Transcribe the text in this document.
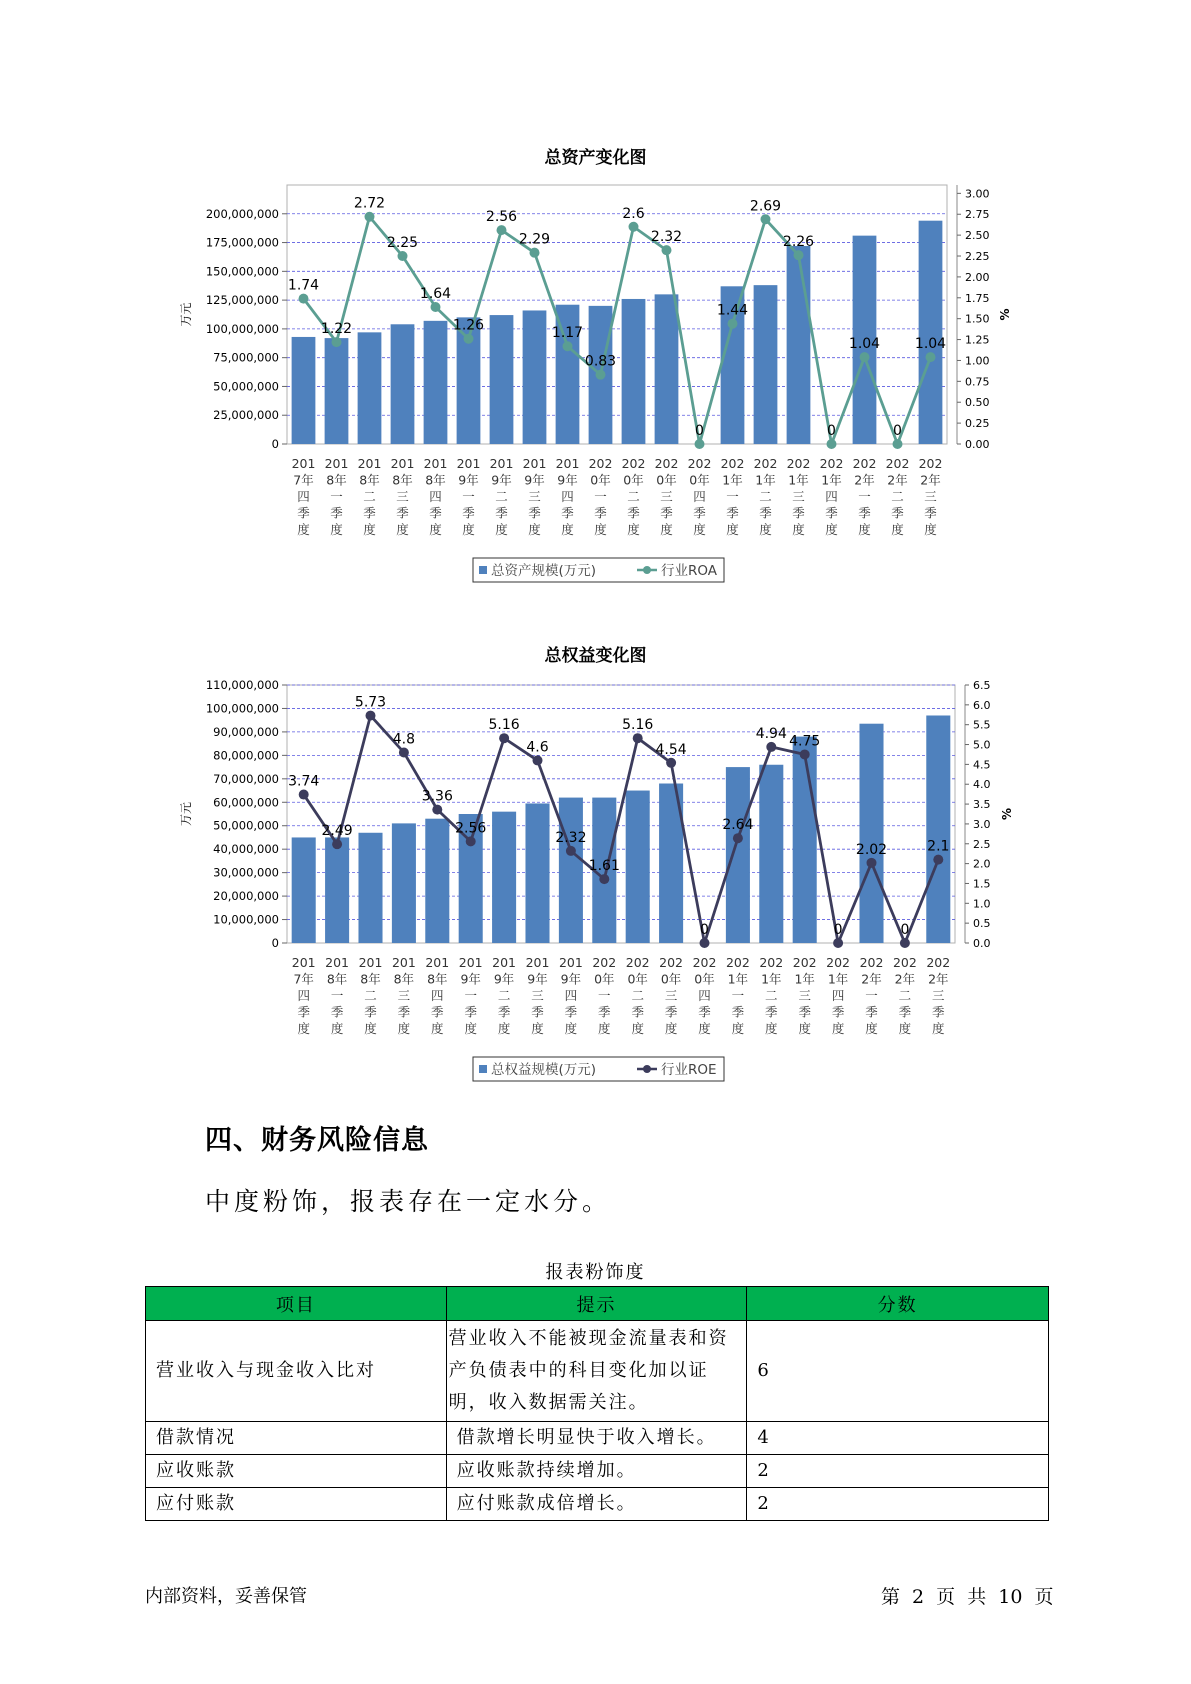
总资产变化图
0
25,000,000
50,000,000
75,000,000
100,000,000
125,000,000
150,000,000
175,000,000
200,000,000
0.00
0.25
0.50
0.75
1.00
1.25
1.50
1.75
2.00
2.25
2.50
2.75
3.00
万元	%
1.74
1.22
2.72
2.25
1.64
1.26
2.56
2.29
1.17
0.83
2.6
2.32
0
1.44
2.69
2.26
0
1.04
0
1.04
201
7年
四
季
度
201
8年
一
季
度
201
8年
二
季
度
201
8年
三
季
度
201
8年
四
季
度
201
9年
一
季
度
201
9年
二
季
度
201
9年
三
季
度
201
9年
四
季
度
202
0年
一
季
度
202
0年
二
季
度
202
0年
三
季
度
202
0年
四
季
度
202
1年
一
季
度
202
1年
二
季
度
202
1年
三
季
度
202
1年
四
季
度
202
2年
一
季
度
202
2年
二
季
度
202
2年
三
季
度
总资产规模(万元)	行业ROA
总权益变化图
0
10,000,000
20,000,000
30,000,000
40,000,000
50,000,000
60,000,000
70,000,000
80,000,000
90,000,000
100,000,000
110,000,000
0.0
0.5
1.0
1.5
2.0
2.5
3.0
3.5
4.0
4.5
5.0
5.5
6.0
6.5
万元	%
3.74
2.49
5.73
4.8
3.36
2.56
5.16
4.6
2.32
1.61
5.16
4.54
0
2.64
4.94 4.75
0
2.02
0
2.1
201
7年
四
季
度
201
8年
一
季
度
201
8年
二
季
度
201
8年
三
季
度
201
8年
四
季
度
201
9年
一
季
度
201
9年
二
季
度
201
9年
三
季
度
201
9年
四
季
度
202
0年
一
季
度
202
0年
二
季
度
202
0年
三
季
度
202
0年
四
季
度
202
1年
一
季
度
202
1年
二
季
度
202
1年
三
季
度
202
1年
四
季
度
202
2年
一
季
度
202
2年
二
季
度
202
2年
三
季
度
总权益规模(万元)	行业ROE
四、财务风险信息
中度粉饰，报表存在一定水分。
报表粉饰度
项目	提示	分数
营业收入与现金收入比对	营业收入不能被现金流量表和资产负债表中的科目变化加以证明，收入数据需关注。	6
借款情况	借款增长明显快于收入增长。	4
应收账款	应收账款持续增加。	2
应付账款	应付账款成倍增长。	2
内部资料，妥善保管	第 2 页 共 10 页
